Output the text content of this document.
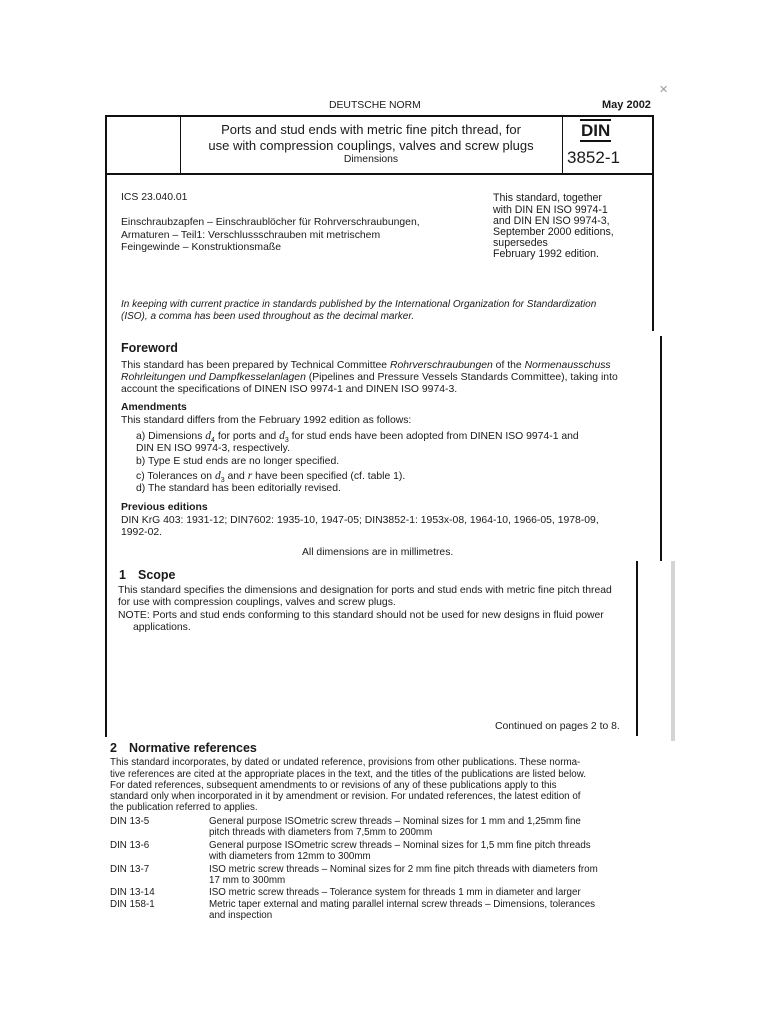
✕
DEUTSCHE NORM	May 2002
Ports and stud ends with metric fine pitch thread, for
use with compression couplings, valves and screw plugs
Dimensions
DIN
3852-1
ICS 23.040.01
Einschraubzapfen – Einschraublöcher für Rohrverschraubungen,
Armaturen – Teil1: Verschlussschrauben mit metrischem
Feingewinde – Konstruktionsmaße
This standard, together
with DIN EN ISO 9974-1
and DIN EN ISO 9974-3,
September 2000 editions,
supersedes
February 1992 edition.
In keeping with current practice in standards published by the International Organization for Standardization
(ISO), a comma has been used throughout as the decimal marker.
Foreword
This standard has been prepared by Technical Committee Rohrverschraubungen of the Normenausschuss
Rohrleitungen und Dampfkesselanlagen (Pipelines and Pressure Vessels Standards Committee), taking into
account the specifications of DINEN ISO 9974-1 and DINEN ISO 9974-3.
Amendments
This standard differs from the February 1992 edition as follows:
a) Dimensions $d_4$ for ports and $d_3$ for stud ends have been adopted from DINEN ISO 9974-1 and
DIN EN ISO 9974-3, respectively.
b) Type E stud ends are no longer specified.
c) Tolerances on $d_3$ and r have been specified (cf. table 1).
d) The standard has been editorially revised.
Previous editions
DIN KrG 403: 1931-12; DIN7602: 1935-10, 1947-05; DIN3852-1: 1953x-08, 1964-10, 1966-05, 1978-09,
1992-02.
All dimensions are in millimetres.
1 Scope
This standard specifies the dimensions and designation for ports and stud ends with metric fine pitch thread
for use with compression couplings, valves and screw plugs.
NOTE: Ports and stud ends conforming to this standard should not be used for new designs in fluid power
applications.
Continued on pages 2 to 8.
2 Normative references
This standard incorporates, by dated or undated reference, provisions from other publications. These norma-
tive references are cited at the appropriate places in the text, and the titles of the publications are listed below.
For dated references, subsequent amendments to or revisions of any of these publications apply to this
standard only when incorporated in it by amendment or revision. For undated references, the latest edition of
the publication referred to applies.
DIN 13-5	General purpose ISOmetric screw threads – Nominal sizes for 1 mm and 1,25mm fine
pitch threads with diameters from 7,5mm to 200mm
DIN 13-6	General purpose ISOmetric screw threads – Nominal sizes for 1,5 mm fine pitch threads
with diameters from 12mm to 300mm
DIN 13-7	ISO metric screw threads – Nominal sizes for 2 mm fine pitch threads with diameters from
17 mm to 300mm
DIN 13-14	ISO metric screw threads – Tolerance system for threads 1 mm in diameter and larger
DIN 158-1	Metric taper external and mating parallel internal screw threads – Dimensions, tolerances
and inspection
